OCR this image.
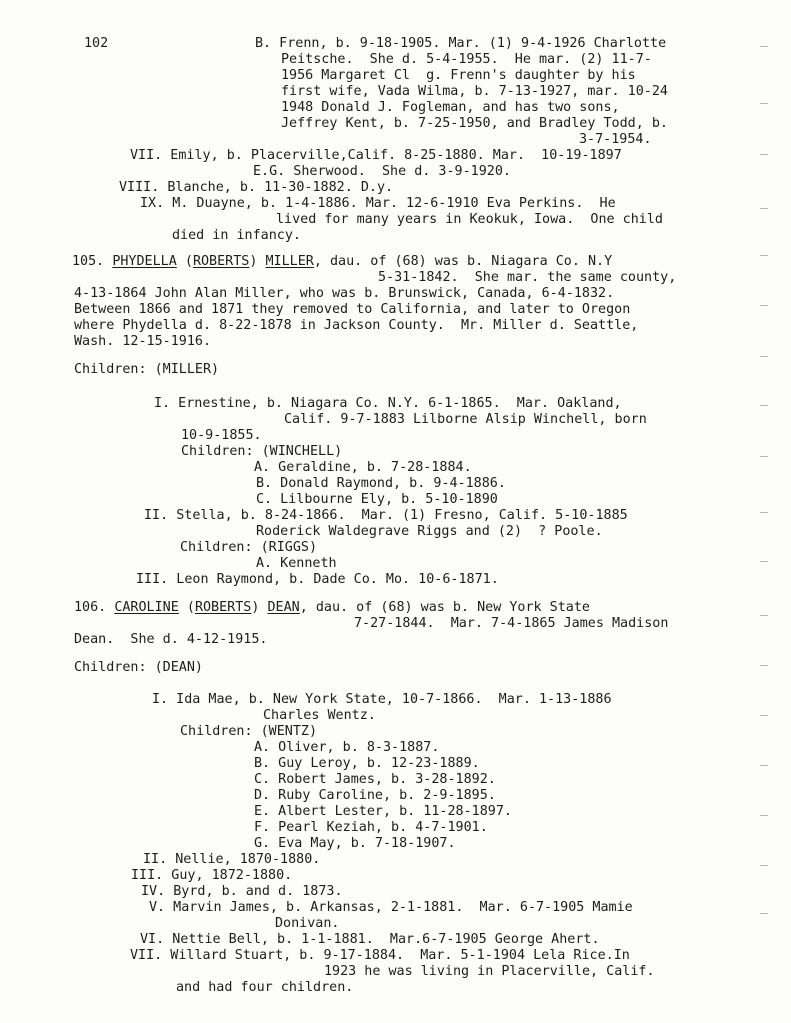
102	B. Frenn, b. 9-18-1905. Mar. (1) 9-4-1926 Charlotte
Peitsche.  She d. 5-4-1955.  He mar. (2) 11-7-
1956 Margaret Cl  g. Frenn's daughter by his
first wife, Vada Wilma, b. 7-13-1927, mar. 10-24
1948 Donald J. Fogleman, and has two sons,
Jeffrey Kent, b. 7-25-1950, and Bradley Todd, b.
3-7-1954.
VII. Emily, b. Placerville,Calif. 8-25-1880. Mar.  10-19-1897
E.G. Sherwood.  She d. 3-9-1920.
VIII. Blanche, b. 11-30-1882. D.y.
IX. M. Duayne, b. 1-4-1886. Mar. 12-6-1910 Eva Perkins.  He
lived for many years in Keokuk, Iowa.  One child
died in infancy.
105. PHYDELLA (ROBERTS) MILLER, dau. of (68) was b. Niagara Co. N.Y
5-31-1842.  She mar. the same county,
4-13-1864 John Alan Miller, who was b. Brunswick, Canada, 6-4-1832.
Between 1866 and 1871 they removed to California, and later to Oregon
where Phydella d. 8-22-1878 in Jackson County.  Mr. Miller d. Seattle,
Wash. 12-15-1916.
Children: (MILLER)
I. Ernestine, b. Niagara Co. N.Y. 6-1-1865.  Mar. Oakland,
Calif. 9-7-1883 Lilborne Alsip Winchell, born
10-9-1855.
Children: (WINCHELL)
A. Geraldine, b. 7-28-1884.
B. Donald Raymond, b. 9-4-1886.
C. Lilbourne Ely, b. 5-10-1890
II. Stella, b. 8-24-1866.  Mar. (1) Fresno, Calif. 5-10-1885
Roderick Waldegrave Riggs and (2)  ? Poole.
Children: (RIGGS)
A. Kenneth
III. Leon Raymond, b. Dade Co. Mo. 10-6-1871.
106. CAROLINE (ROBERTS) DEAN, dau. of (68) was b. New York State
7-27-1844.  Mar. 7-4-1865 James Madison
Dean.  She d. 4-12-1915.
Children: (DEAN)
I. Ida Mae, b. New York State, 10-7-1866.  Mar. 1-13-1886
Charles Wentz.
Children: (WENTZ)
A. Oliver, b. 8-3-1887.
B. Guy Leroy, b. 12-23-1889.
C. Robert James, b. 3-28-1892.
D. Ruby Caroline, b. 2-9-1895.
E. Albert Lester, b. 11-28-1897.
F. Pearl Keziah, b. 4-7-1901.
G. Eva May, b. 7-18-1907.
II. Nellie, 1870-1880.
III. Guy, 1872-1880.
IV. Byrd, b. and d. 1873.
V. Marvin James, b. Arkansas, 2-1-1881.  Mar. 6-7-1905 Mamie
Donivan.
VI. Nettie Bell, b. 1-1-1881.  Mar.6-7-1905 George Ahert.
VII. Willard Stuart, b. 9-17-1884.  Mar. 5-1-1904 Lela Rice.In
1923 he was living in Placerville, Calif.
and had four children.
